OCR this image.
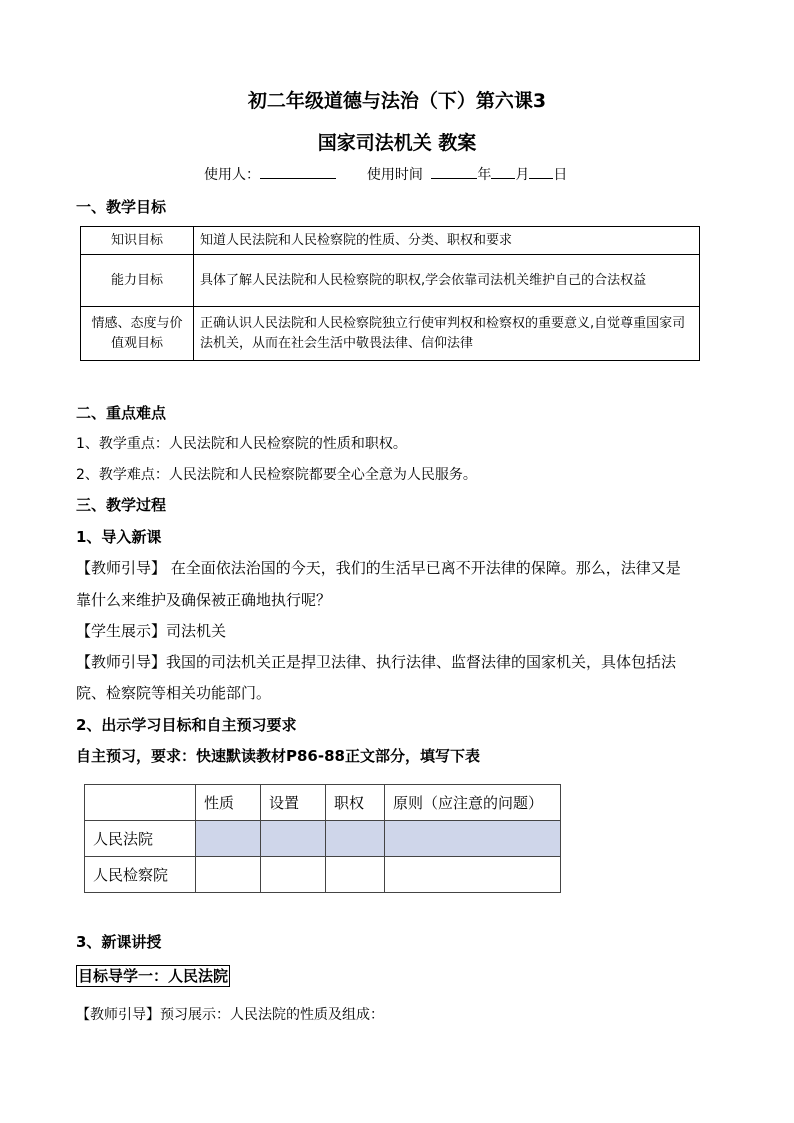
初二年级道德与法治（下）第六课3
国家司法机关 教案
使用人：	使用时间	年 月 日
一、教学目标
知识目标	知道人民法院和人民检察院的性质、分类、职权和要求
能力目标	具体了解人民法院和人民检察院的职权,学会依靠司法机关维护自己的合法权益
情感、态度与价值观目标	正确认识人民法院和人民检察院独立行使审判权和检察权的重要意义,自觉尊重国家司法机关，从而在社会生活中敬畏法律、信仰法律
二、重点难点
1、教学重点：人民法院和人民检察院的性质和职权。
2、教学难点：人民法院和人民检察院都要全心全意为人民服务。
三、教学过程
1、导入新课
【教师引导】 在全面依法治国的今天，我们的生活早已离不开法律的保障。那么，法律又是
靠什么来维护及确保被正确地执行呢？
【学生展示】司法机关
【教师引导】我国的司法机关正是捍卫法律、执行法律、监督法律的国家机关，具体包括法
院、检察院等相关功能部门。
2、出示学习目标和自主预习要求
自主预习，要求：快速默读教材P86-88正文部分，填写下表
	性质	设置	职权	原则（应注意的问题）
人民法院				
人民检察院				
3、新课讲授
目标导学一：人民法院
【教师引导】预习展示：人民法院的性质及组成：
